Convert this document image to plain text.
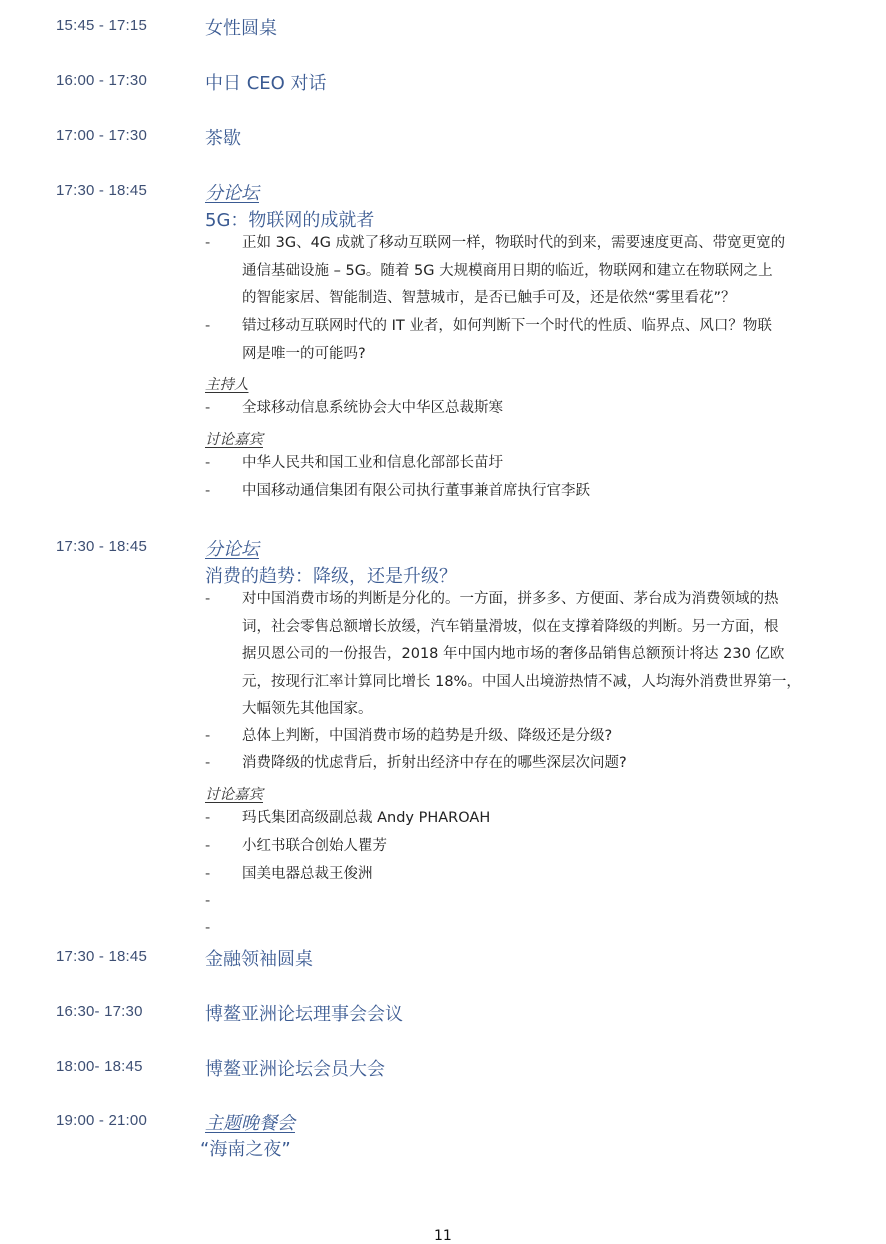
15:45 - 17:15	女性圆桌
16:00 - 17:30	中日 CEO 对话
17:00 - 17:30	茶歇
17:30 - 18:45	分论坛
5G：物联网的成就者
-	正如 3G、4G 成就了移动互联网一样，物联时代的到来，需要速度更高、带宽更宽的
通信基础设施 – 5G。随着 5G 大规模商用日期的临近，物联网和建立在物联网之上
的智能家居、智能制造、智慧城市，是否已触手可及，还是依然“雾里看花”？
-	错过移动互联网时代的 IT 业者，如何判断下一个时代的性质、临界点、风口？物联
网是唯一的可能吗?
主持人
-	全球移动信息系统协会大中华区总裁斯寒
讨论嘉宾
-	中华人民共和国工业和信息化部部长苗圩
-	中国移动通信集团有限公司执行董事兼首席执行官李跃
17:30 - 18:45	分论坛
消费的趋势：降级，还是升级？
-	对中国消费市场的判断是分化的。一方面，拼多多、方便面、茅台成为消费领域的热
词，社会零售总额增长放缓，汽车销量滑坡，似在支撑着降级的判断。另一方面，根
据贝恩公司的一份报告，2018 年中国内地市场的奢侈品销售总额预计将达 230 亿欧
元，按现行汇率计算同比增长 18%。中国人出境游热情不减，人均海外消费世界第一，
大幅领先其他国家。
-	总体上判断，中国消费市场的趋势是升级、降级还是分级?
-	消费降级的忧虑背后，折射出经济中存在的哪些深层次问题?
讨论嘉宾
-	玛氏集团高级副总裁 Andy PHAROAH
-	小红书联合创始人瞿芳
-	国美电器总裁王俊洲
-
-
17:30 - 18:45	金融领袖圆桌
16:30- 17:30	博鳌亚洲论坛理事会会议
18:00- 18:45	博鳌亚洲论坛会员大会
19:00 - 21:00	主题晚餐会
“海南之夜”
11
